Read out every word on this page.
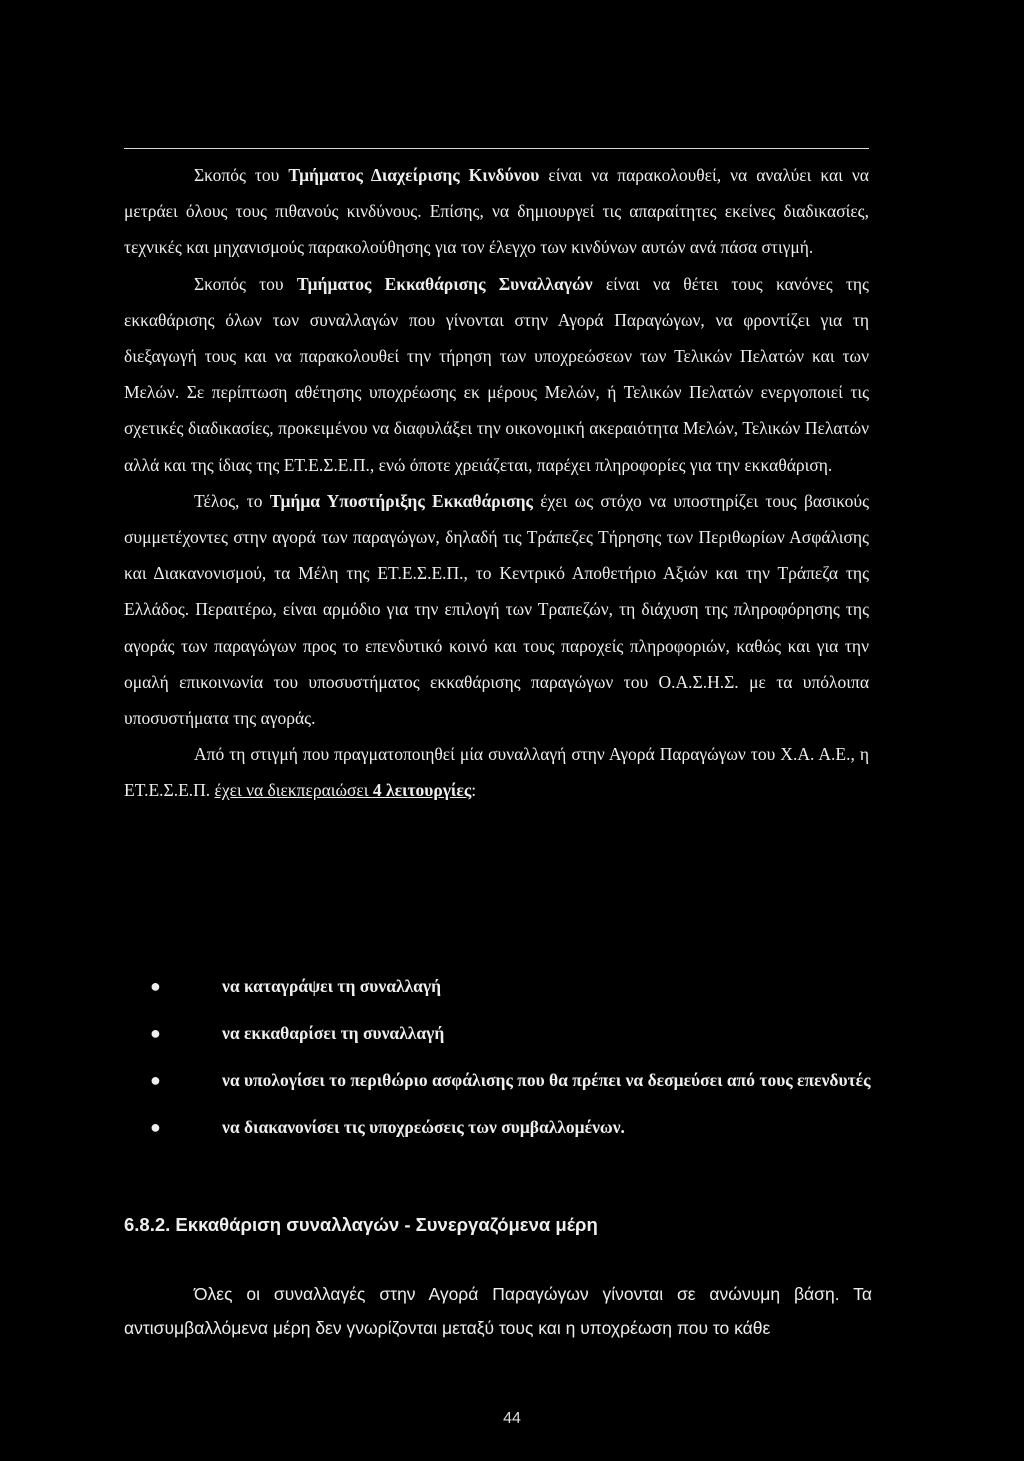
Σκοπός του Τμήματος Διαχείρισης Κινδύνου είναι να παρακολουθεί, να αναλύει και να μετράει όλους τους πιθανούς κινδύνους. Επίσης, να δημιουργεί τις απαραίτητες εκείνες διαδικασίες, τεχνικές και μηχανισμούς παρακολούθησης για τον έλεγχο των κινδύνων αυτών ανά πάσα στιγμή.

Σκοπός του Τμήματος Εκκαθάρισης Συναλλαγών είναι να θέτει τους κανόνες της εκκαθάρισης όλων των συναλλαγών που γίνονται στην Αγορά Παραγώγων, να φροντίζει για τη διεξαγωγή τους και να παρακολουθεί την τήρηση των υποχρεώσεων των Τελικών Πελατών και των Μελών. Σε περίπτωση αθέτησης υποχρέωσης εκ μέρους Μελών, ή Τελικών Πελατών ενεργοποιεί τις σχετικές διαδικασίες, προκειμένου να διαφυλάξει την οικονομική ακεραιότητα Μελών, Τελικών Πελατών αλλά και της ίδιας της ΕΤ.Ε.Σ.Ε.Π., ενώ όποτε χρειάζεται, παρέχει πληροφορίες για την εκκαθάριση.

Τέλος, το Τμήμα Υποστήριξης Εκκαθάρισης έχει ως στόχο να υποστηρίζει τους βασικούς συμμετέχοντες στην αγορά των παραγώγων, δηλαδή τις Τράπεζες Τήρησης των Περιθωρίων Ασφάλισης και Διακανονισμού, τα Μέλη της ΕΤ.Ε.Σ.Ε.Π., το Κεντρικό Αποθετήριο Αξιών και την Τράπεζα της Ελλάδος. Περαιτέρω, είναι αρμόδιο για την επιλογή των Τραπεζών, τη διάχυση της πληροφόρησης της αγοράς των παραγώγων προς το επενδυτικό κοινό και τους παροχείς πληροφοριών, καθώς και για την ομαλή επικοινωνία του υποσυστήματος εκκαθάρισης παραγώγων του Ο.Α.Σ.Η.Σ. με τα υπόλοιπα υποσυστήματα της αγοράς.

Από τη στιγμή που πραγματοποιηθεί μία συναλλαγή στην Αγορά Παραγώγων του Χ.Α. Α.Ε., η ΕΤ.Ε.Σ.Ε.Π. έχει να διεκπεραιώσει 4 λειτουργίες:

●	να καταγράψει τη συναλλαγή
●	να εκκαθαρίσει τη συναλλαγή
●	να υπολογίσει το περιθώριο ασφάλισης που θα πρέπει να δεσμεύσει από τους επενδυτές
●	να διακανονίσει τις υποχρεώσεις των συμβαλλομένων.
6.8.2. Εκκαθάριση συναλλαγών - Συνεργαζόμενα μέρη

Όλες οι συναλλαγές στην Αγορά Παραγώγων γίνονται σε ανώνυμη βάση. Τα αντισυμβαλλόμενα μέρη δεν γνωρίζονται μεταξύ τους και η υποχρέωση που το κάθε

44
